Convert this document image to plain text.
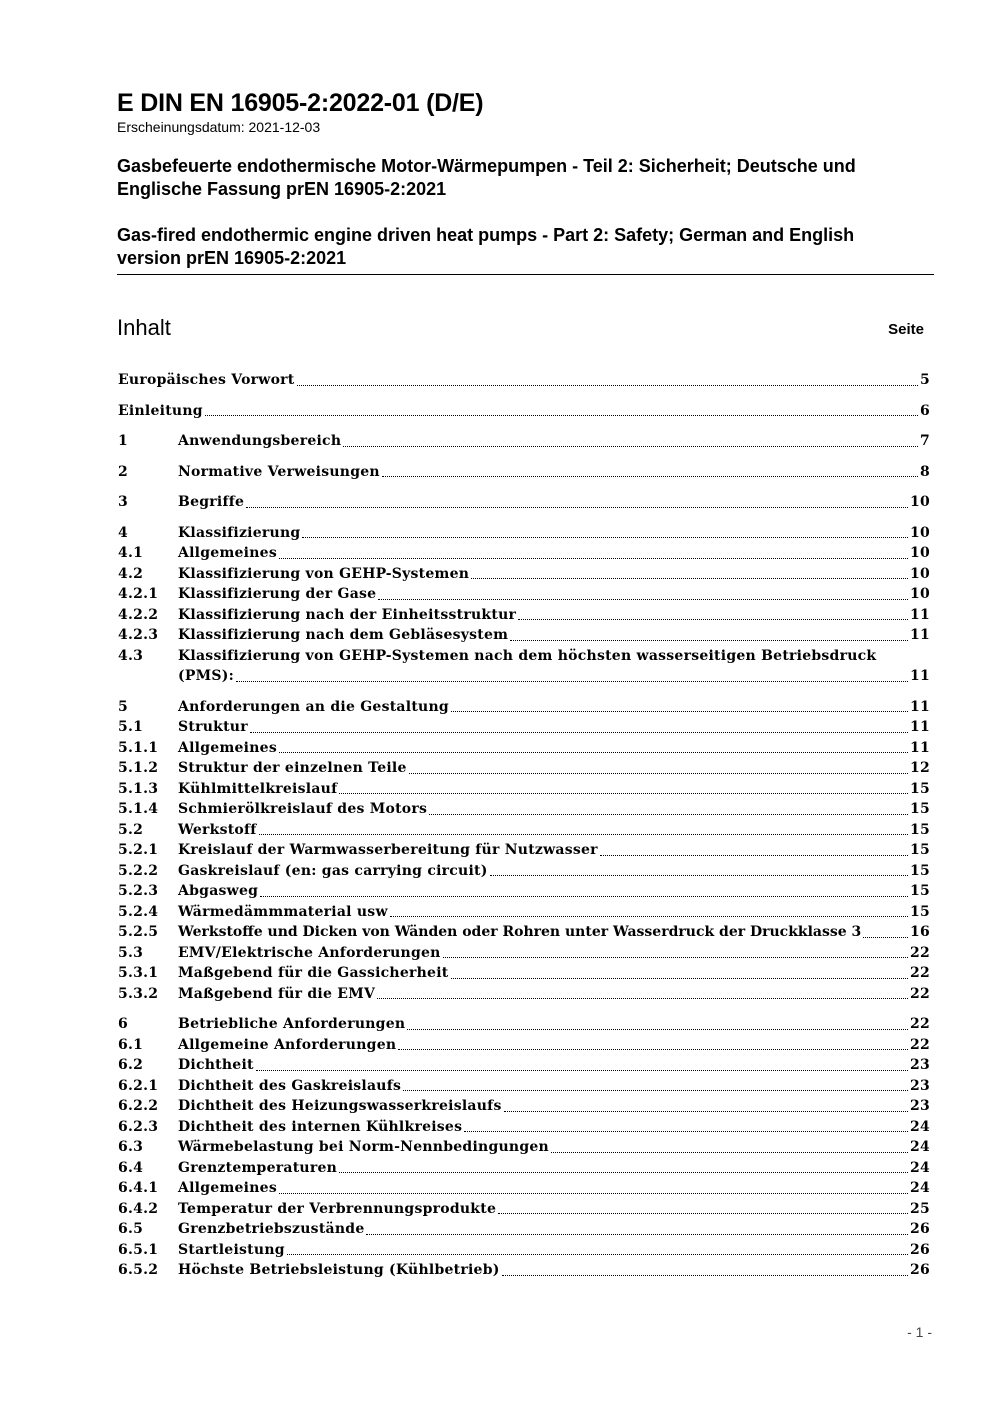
E DIN EN 16905-2:2022-01 (D/E)
Erscheinungsdatum: 2021-12-03
Gasbefeuerte endothermische Motor-Wärmepumpen - Teil 2: Sicherheit; Deutsche und Englische Fassung prEN 16905-2:2021
Gas-fired endothermic engine driven heat pumps - Part 2: Safety; German and English version prEN 16905-2:2021
Inhalt	Seite
Europäisches Vorwort	5
Einleitung	6
1	Anwendungsbereich	7
2	Normative Verweisungen	8
3	Begriffe	10
4	Klassifizierung	10
4.1	Allgemeines	10
4.2	Klassifizierung von GEHP-Systemen	10
4.2.1	Klassifizierung der Gase	10
4.2.2	Klassifizierung nach der Einheitsstruktur	11
4.2.3	Klassifizierung nach dem Gebläsesystem	11
4.3	Klassifizierung von GEHP-Systemen nach dem höchsten wasserseitigen Betriebsdruck
(PMS):	11
5	Anforderungen an die Gestaltung	11
5.1	Struktur	11
5.1.1	Allgemeines	11
5.1.2	Struktur der einzelnen Teile	12
5.1.3	Kühlmittelkreislauf	15
5.1.4	Schmierölkreislauf des Motors	15
5.2	Werkstoff	15
5.2.1	Kreislauf der Warmwasserbereitung für Nutzwasser	15
5.2.2	Gaskreislauf (en: gas carrying circuit)	15
5.2.3	Abgasweg	15
5.2.4	Wärmedämmmaterial usw	15
5.2.5	Werkstoffe und Dicken von Wänden oder Rohren unter Wasserdruck der Druckklasse 3	16
5.3	EMV/Elektrische Anforderungen	22
5.3.1	Maßgebend für die Gassicherheit	22
5.3.2	Maßgebend für die EMV	22
6	Betriebliche Anforderungen	22
6.1	Allgemeine Anforderungen	22
6.2	Dichtheit	23
6.2.1	Dichtheit des Gaskreislaufs	23
6.2.2	Dichtheit des Heizungswasserkreislaufs	23
6.2.3	Dichtheit des internen Kühlkreises	24
6.3	Wärmebelastung bei Norm-Nennbedingungen	24
6.4	Grenztemperaturen	24
6.4.1	Allgemeines	24
6.4.2	Temperatur der Verbrennungsprodukte	25
6.5	Grenzbetriebszustände	26
6.5.1	Startleistung	26
6.5.2	Höchste Betriebsleistung (Kühlbetrieb)	26
- 1 -
